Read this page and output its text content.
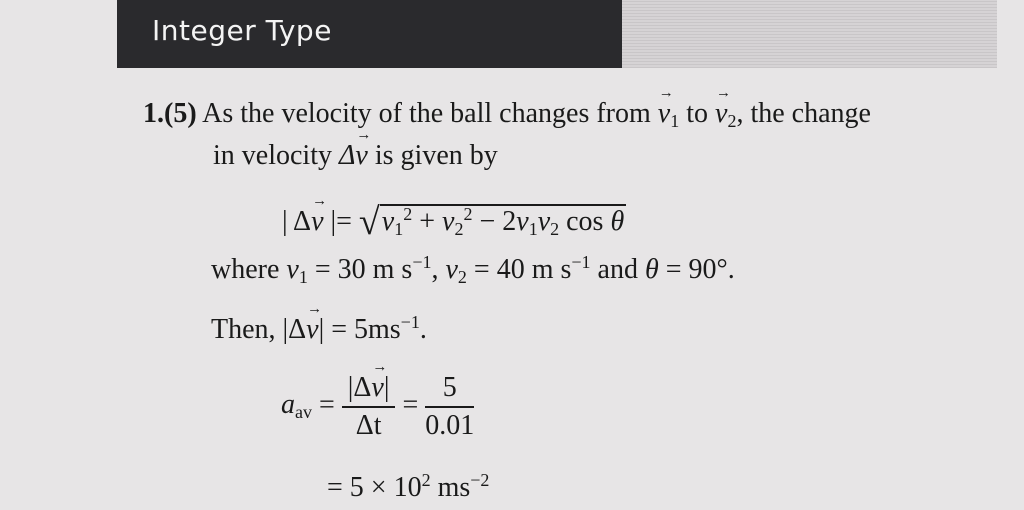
Integer Type
1.(5) As the velocity of the ball changes from → $v_1$ to → $v_2$, the change
in velocity Δ→ v is given by
| Δ→ v |= $√v_1^2 + v_2^2 - 2v_1v_2$ cos θ
where $v_1 = 30$ m $s^{-1}$, $v_2 = 40$ m $s^{-1}$ and θ = 90°.
Then, $|\Delta\to v| = 5ms^{-1}$.
$a_{av} = \frac{|\Delta\to v|}{\Delta t} = \frac{5}{0.01}$
= $5 \times 10^2$ $ms^{-2}$
